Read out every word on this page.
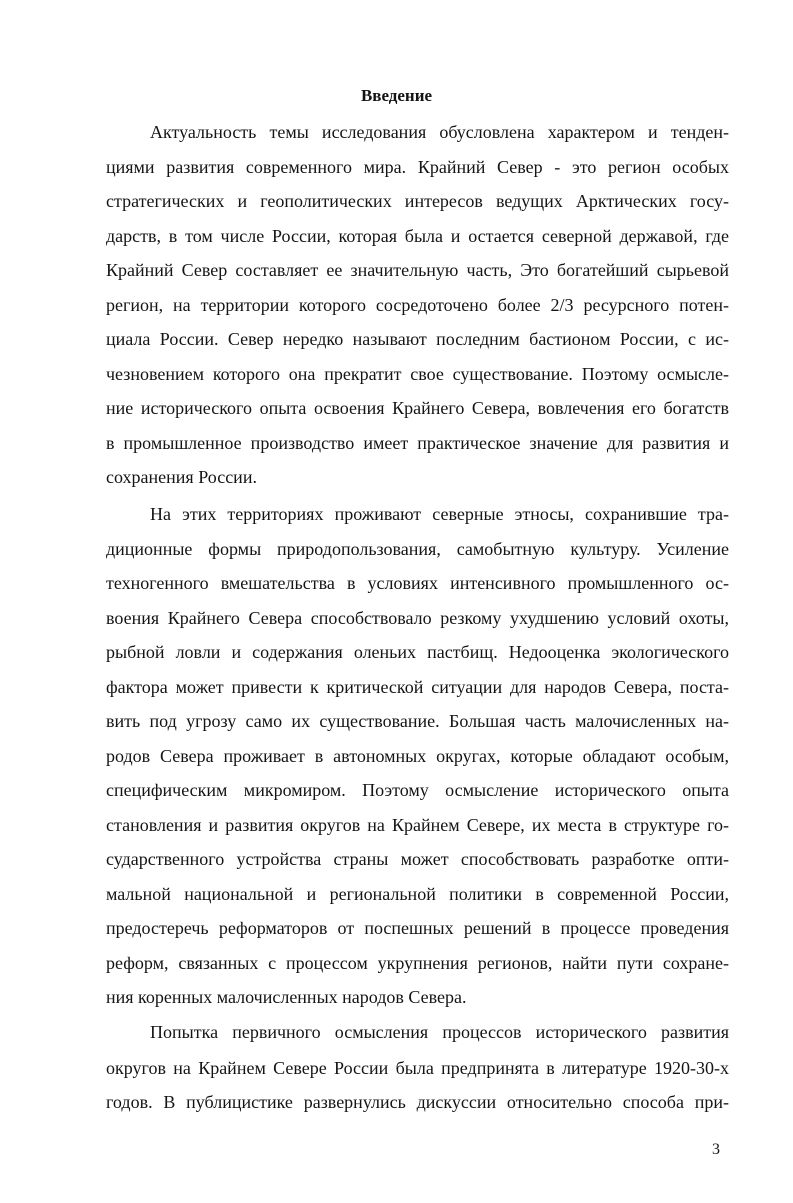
Введение
Актуальность темы исследования обусловлена характером и тенден-
циями развития современного мира. Крайний Север - это регион особых
стратегических и геополитических интересов ведущих Арктических госу-
дарств, в том числе России, которая была и остается северной державой, где
Крайний Север составляет ее значительную часть, Это богатейший сырьевой
регион, на территории которого сосредоточено более 2/3 ресурсного потен-
циала России. Север нередко называют последним бастионом России, с ис-
чезновением которого она прекратит свое существование. Поэтому осмысле-
ние исторического опыта освоения Крайнего Севера, вовлечения его богатств
в промышленное производство имеет практическое значение для развития и
сохранения России.
На этих территориях проживают северные этносы, сохранившие тра-
диционные формы природопользования, самобытную культуру. Усиление
техногенного вмешательства в условиях интенсивного промышленного ос-
воения Крайнего Севера способствовало резкому ухудшению условий охоты,
рыбной ловли и содержания оленьих пастбищ. Недооценка экологического
фактора может привести к критической ситуации для народов Севера, поста-
вить под угрозу само их существование. Большая часть малочисленных на-
родов Севера проживает в автономных округах, которые обладают особым,
специфическим микромиром. Поэтому осмысление исторического опыта
становления и развития округов на Крайнем Севере, их места в структуре го-
сударственного устройства страны может способствовать разработке опти-
мальной национальной и региональной политики в современной России,
предостеречь реформаторов от поспешных решений в процессе проведения
реформ, связанных с процессом укрупнения регионов, найти пути сохране-
ния коренных малочисленных народов Севера.
Попытка первичного осмысления процессов исторического развития
округов на Крайнем Севере России была предпринята в литературе 1920-30-х
годов. В публицистике развернулись дискуссии относительно способа при-
3
